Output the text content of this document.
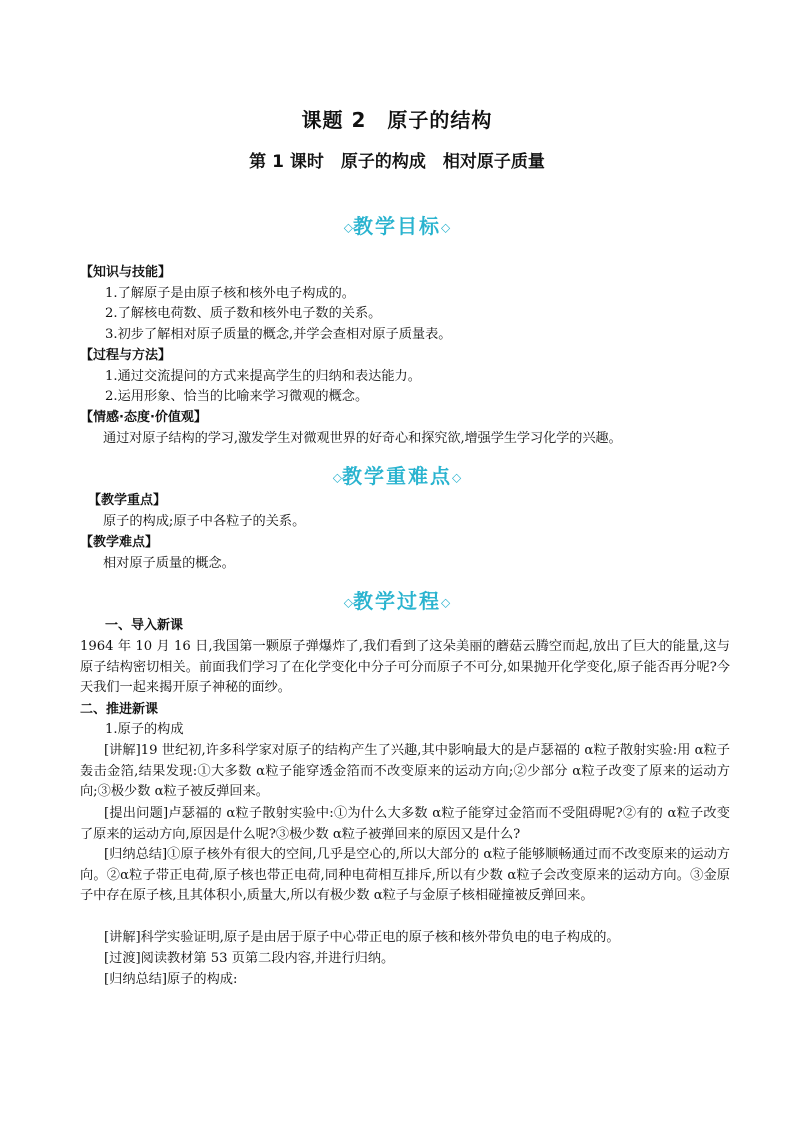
课题 2　原子的结构
第 1 课时　原子的构成　相对原子质量
◇教学目标◇
【知识与技能】
1.了解原子是由原子核和核外电子构成的。
2.了解核电荷数、质子数和核外电子数的关系。
3.初步了解相对原子质量的概念,并学会查相对原子质量表。
【过程与方法】
1.通过交流提问的方式来提高学生的归纳和表达能力。
2.运用形象、恰当的比喻来学习微观的概念。
【情感·态度·价值观】
通过对原子结构的学习,激发学生对微观世界的好奇心和探究欲,增强学生学习化学的兴趣。
◇教学重难点◇
【教学重点】
原子的构成;原子中各粒子的关系。
【教学难点】
相对原子质量的概念。
◇教学过程◇
一、导入新课
1964 年 10 月 16 日,我国第一颗原子弹爆炸了,我们看到了这朵美丽的蘑菇云腾空而起,放出了巨大的能量,这与原子结构密切相关。前面我们学习了在化学变化中分子可分而原子不可分,如果抛开化学变化,原子能否再分呢?今天我们一起来揭开原子神秘的面纱。
二、推进新课
1.原子的构成
[讲解]19 世纪初,许多科学家对原子的结构产生了兴趣,其中影响最大的是卢瑟福的 α粒子散射实验:用 α粒子轰击金箔,结果发现:①大多数 α粒子能穿透金箔而不改变原来的运动方向;②少部分 α粒子改变了原来的运动方向;③极少数 α粒子被反弹回来。
[提出问题]卢瑟福的 α粒子散射实验中:①为什么大多数 α粒子能穿过金箔而不受阻碍呢?②有的 α粒子改变了原来的运动方向,原因是什么呢?③极少数 α粒子被弹回来的原因又是什么?
[归纳总结]①原子核外有很大的空间,几乎是空心的,所以大部分的 α粒子能够顺畅通过而不改变原来的运动方向。②α粒子带正电荷,原子核也带正电荷,同种电荷相互排斥,所以有少数 α粒子会改变原来的运动方向。③金原子中存在原子核,且其体积小,质量大,所以有极少数 α粒子与金原子核相碰撞被反弹回来。
[讲解]科学实验证明,原子是由居于原子中心带正电的原子核和核外带负电的电子构成的。
[过渡]阅读教材第 53 页第二段内容,并进行归纳。
[归纳总结]原子的构成:
